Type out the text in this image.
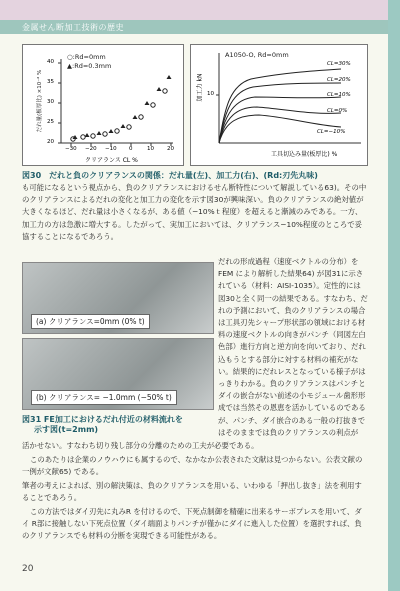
金属せん断加工技術の歴史
○:Rd=0mm
▲:Rd=0.3mm
だれ量(板厚比) ×10⁻² %
40
35
30
25
20
−30 −20 −10 0	10 20
クリアランス CL %
A1050-O, Rd=0mm
加工力 kN 10
CL=30%
CL=20%
CL=10%
CL=0%
CL=−10%
工具切込み量(板厚比) %
図30　だれと負のクリアランスの関係：だれ量(左)、加工力(右)、(Rd:刃先丸味)

も可能になるという視点から、負のクリアランスにおけるせん断特性について解説している63)。その中のクリアランスによるだれの変化と加工力の変化を示す図30が興味深い。負のクリアランスの絶対値が大きくなるほど、だれ量は小さくなるが、ある値（−10%ｔ程度）を超えると漸減のみである。一方、加工力の方は急激に増大する。したがって、実加工においては、クリアランス−10%程度のところで妥協することになるであろう。

(a) クリアランス=0mm (0% t)
(b) クリアランス= −1.0mm (−50% t)
図31 FE加工におけるだれ付近の材料流れを
示す図(t=2mm)

だれの形成過程（速度ベクトルの分布）をFEM により解析した結果64) が図31に示されている（材料：AISI-1035）。定性的には図30と全く同一の結果である。すなわち、だれの予測において、負のクリアランスの場合は工具刃先シャープ形状部の領域における材料の速度ベクトルの向きがパンチ（同図左白色部）進行方向と逆方向を向いており、だれ込もうとする部分に対する材料の補充がない。結果的にだれレスとなっている様子がはっきりわかる。負のクリアランスはパンチとダイの嵌合がない前述の小モジュール歯形形成では当然その恩恵を活かしているのであるが、パンチ、ダイ嵌合のある一般の打抜きではそのままでは負のクリアランスの利点が

活かせない。すなわち切り残し部分の分離のための工夫が必要である。

このあたりは企業のノウハウにも属するので、なかなか公表された文献は見つからない。公表文献の一例が文献65) である。

筆者の考えによれば、別の解決策は、負のクリアランスを用いる、いわゆる「押出し抜き」法を利用することであろう。

この方法ではダイ刃先に丸みR を付けるので、下死点制御を精確に出来るサーボプレスを用いて、ダイ R部に接触しない下死点位置（ダイ端面よりパンチが僅かにダイに進入した位置）を選択すれば、負のクリアランスでも材料の分断を実現できる可能性がある。

20
